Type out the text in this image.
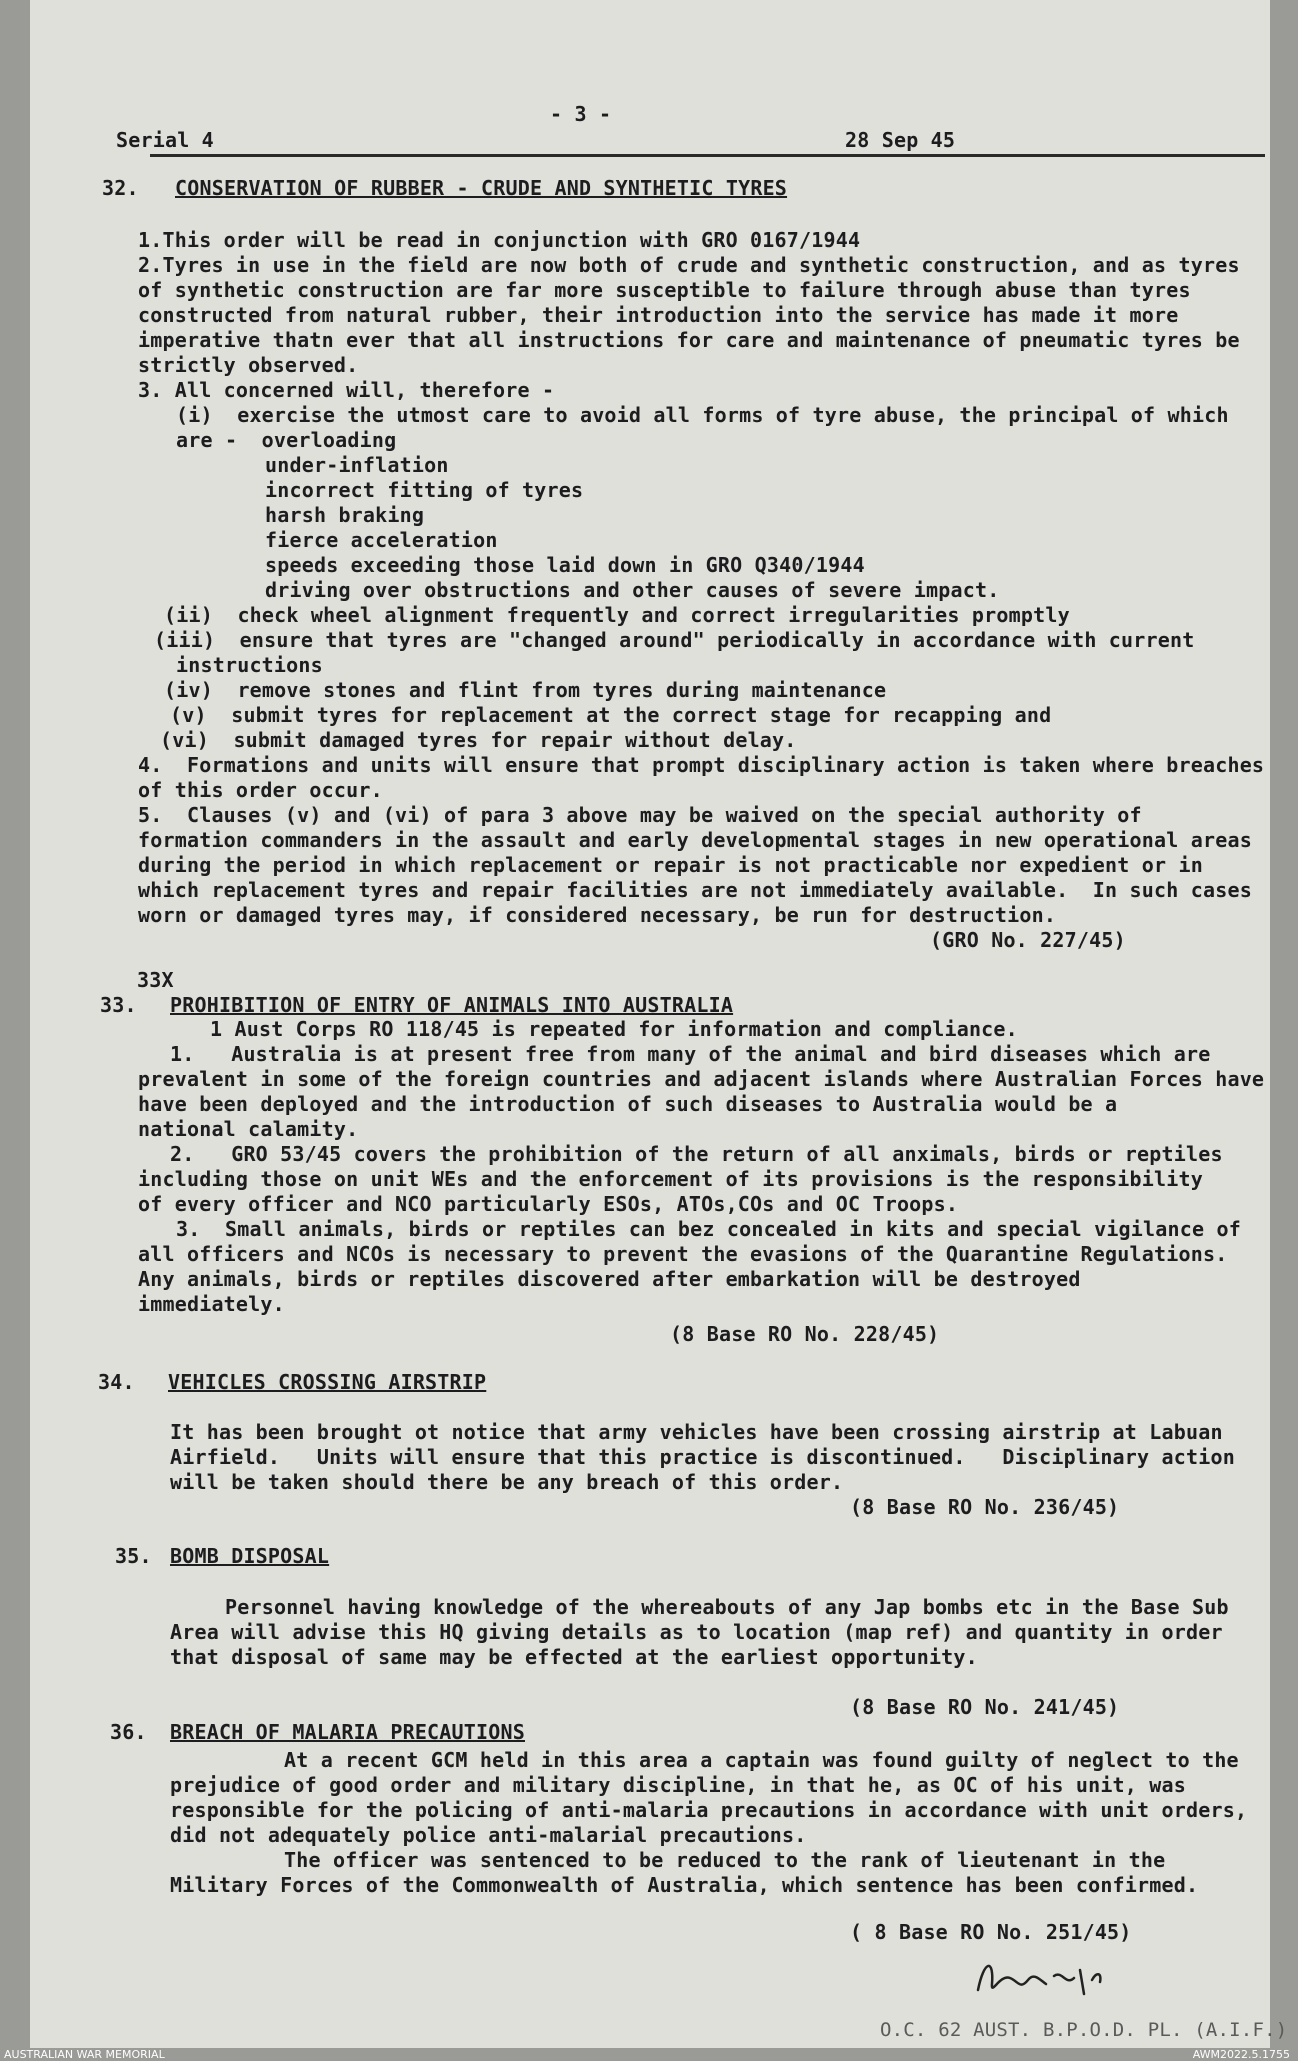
- 3 -
Serial 4	28 Sep 45
32. CONSERVATION OF RUBBER - CRUDE AND SYNTHETIC TYRES
1.This order will be read in conjunction with GRO 0167/1944
2.Tyres in use in the field are now both of crude and synthetic construction, and as tyres
of synthetic construction are far more susceptible to failure through abuse than tyres
constructed from natural rubber, their introduction into the service has made it more
imperative thatn ever that all instructions for care and maintenance of pneumatic tyres be
strictly observed.
3. All concerned will, therefore -
(i)  exercise the utmost care to avoid all forms of tyre abuse, the principal of which
are -  overloading
under-inflation
incorrect fitting of tyres
harsh braking
fierce acceleration
speeds exceeding those laid down in GRO Q340/1944
driving over obstructions and other causes of severe impact.
(ii)  check wheel alignment frequently and correct irregularities promptly
(iii)  ensure that tyres are "changed around" periodically in accordance with current
instructions
(iv)  remove stones and flint from tyres during maintenance
(v)  submit tyres for replacement at the correct stage for recapping and
(vi)  submit damaged tyres for repair without delay.
4.  Formations and units will ensure that prompt disciplinary action is taken where breaches
of this order occur.
5.  Clauses (v) and (vi) of para 3 above may be waived on the special authority of
formation commanders in the assault and early developmental stages in new operational areas
during the period in which replacement or repair is not practicable nor expedient or in
which replacement tyres and repair facilities are not immediately available.  In such cases
worn or damaged tyres may, if considered necessary, be run for destruction.
(GRO No. 227/45)
33X
33. PROHIBITION OF ENTRY OF ANIMALS INTO AUSTRALIA
1 Aust Corps RO 118/45 is repeated for information and compliance.
1.   Australia is at present free from many of the animal and bird diseases which are
prevalent in some of the foreign countries and adjacent islands where Australian Forces have
have been deployed and the introduction of such diseases to Australia would be a
national calamity.
2.   GRO 53/45 covers the prohibition of the return of all anximals, birds or reptiles
including those on unit WEs and the enforcement of its provisions is the responsibility
of every officer and NCO particularly ESOs, ATOs,COs and OC Troops.
3.  Small animals, birds or reptiles can bez concealed in kits and special vigilance of
all officers and NCOs is necessary to prevent the evasions of the Quarantine Regulations.
Any animals, birds or reptiles discovered after embarkation will be destroyed
immediately.
(8 Base RO No. 228/45)
34. VEHICLES CROSSING AIRSTRIP
It has been brought ot notice that army vehicles have been crossing airstrip at Labuan
Airfield.   Units will ensure that this practice is discontinued.   Disciplinary action
will be taken should there be any breach of this order.
(8 Base RO No. 236/45)
35. BOMB DISPOSAL
Personnel having knowledge of the whereabouts of any Jap bombs etc in the Base Sub
Area will advise this HQ giving details as to location (map ref) and quantity in order
that disposal of same may be effected at the earliest opportunity.
(8 Base RO No. 241/45)
36. BREACH OF MALARIA PRECAUTIONS
At a recent GCM held in this area a captain was found guilty of neglect to the
prejudice of good order and military discipline, in that he, as OC of his unit, was
responsible for the policing of anti-malaria precautions in accordance with unit orders,
did not adequately police anti-malarial precautions.
The officer was sentenced to be reduced to the rank of lieutenant in the
Military Forces of the Commonwealth of Australia, which sentence has been confirmed.
( 8 Base RO No. 251/45)
O.C. 62 AUST. B.P.O.D. PL. (A.I.F.)
AUSTRALIAN WAR MEMORIAL	AWM2022.5.1755
